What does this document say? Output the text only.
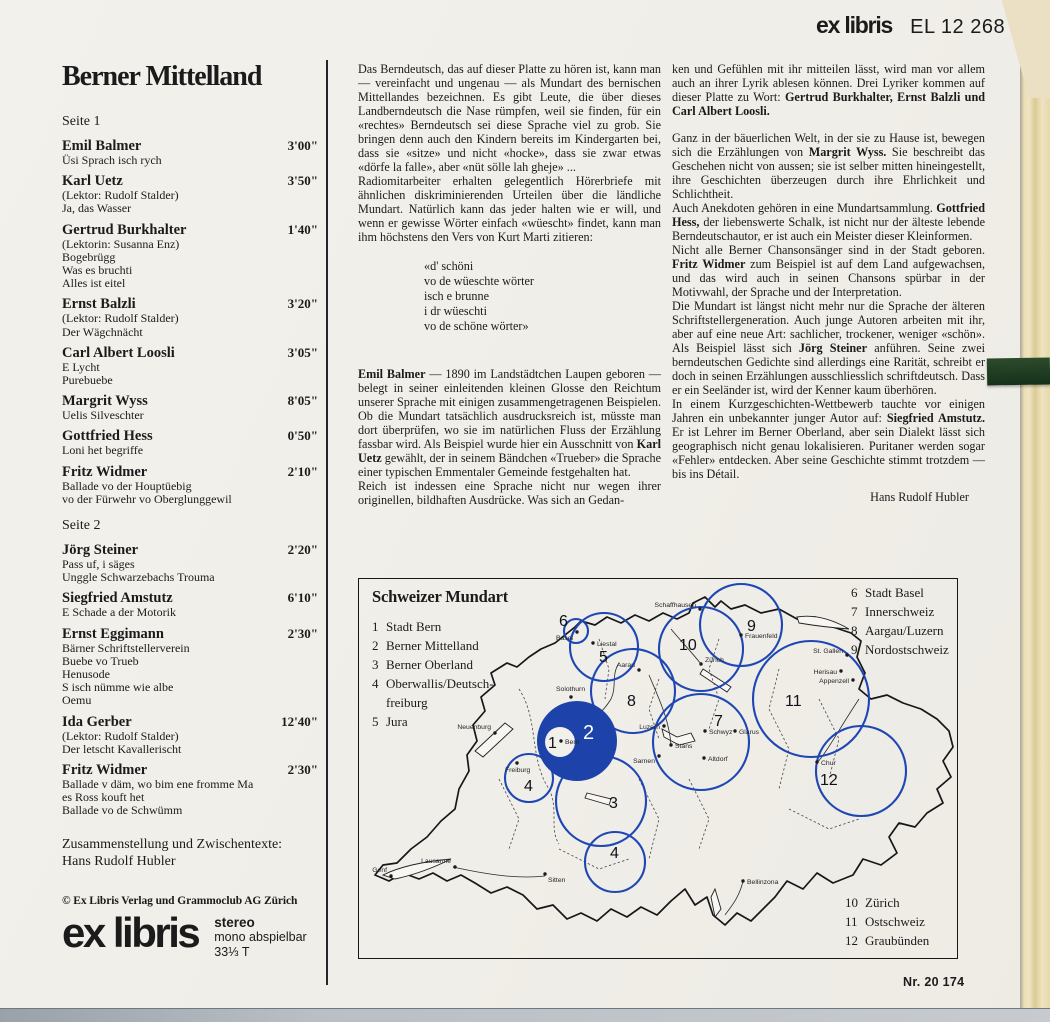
ex libris EL 12 268
Berner Mittelland
Seite 1
Emil Balmer	3'00"
Üsi Sprach isch rych
Karl Uetz	3'50"
(Lektor: Rudolf Stalder)
Ja, das Wasser
Gertrud Burkhalter	1'40"
(Lektorin: Susanna Enz)
Bogebrügg
Was es bruchti
Alles ist eitel
Ernst Balzli	3'20"
(Lektor: Rudolf Stalder)
Der Wägchnächt
Carl Albert Loosli	3'05"
E Lycht
Purebuebe
Margrit Wyss	8'05"
Uelis Silveschter
Gottfried Hess	0'50"
Loni het begriffe
Fritz Widmer	2'10"
Ballade vo der Houptüebig
vo der Fürwehr vo Oberglunggewil
Seite 2
Jörg Steiner	2'20"
Pass uf, i säges
Unggle Schwarzebachs Trouma
Siegfried Amstutz	6'10"
E Schade a der Motorik
Ernst Eggimann	2'30"
Bärner Schriftstellerverein
Buebe vo Trueb
Henusode
S isch nümme wie albe
Oemu
Ida Gerber	12'40"
(Lektor: Rudolf Stalder)
Der letscht Kavallerischt
Fritz Widmer	2'30"
Ballade v däm, wo bim ene fromme Ma
es Ross kouft het
Ballade vo de Schwümm
Zusammenstellung und Zwischentexte:
Hans Rudolf Hubler
© Ex Libris Verlag und Grammoclub AG Zürich
ex libris stereo
mono abspielbar
33⅓ T

Das Berndeutsch, das auf dieser Platte zu hören ist, kann man — vereinfacht und ungenau — als Mundart des bernischen Mittellandes bezeichnen. Es gibt Leute, die über dieses Landberndeutsch die Nase rümpfen, weil sie finden, für ein «rechtes» Berndeutsch sei diese Sprache viel zu grob. Sie bringen denn auch den Kindern bereits im Kindergarten bei, dass sie «sitze» und nicht «hocke», dass sie zwar etwas «dörfe la falle», aber «nüt sölle lah gheje» ...

Radiomitarbeiter erhalten gelegentlich Hörerbriefe mit ähnlichen diskriminierenden Urteilen über die ländliche Mundart. Natürlich kann das jeder halten wie er will, und wenn er gewisse Wörter einfach «wüescht» findet, kann man ihm höchstens den Vers von Kurt Marti zitieren:

«d' schöni
vo de wüeschte wörter
isch e brunne
i dr wüeschti
vo de schöne wörter»

Emil Balmer — 1890 im Landstädtchen Laupen geboren — belegt in seiner einleitenden kleinen Glosse den Reichtum unserer Sprache mit einigen zusammengetragenen Beispielen. Ob die Mundart tatsächlich ausdrucksreich ist, müsste man dort überprüfen, wo sie im natürlichen Fluss der Erzählung fassbar wird. Als Beispiel wurde hier ein Ausschnitt von Karl Uetz gewählt, der in seinem Bändchen «Trueber» die Sprache einer typischen Emmentaler Gemeinde festgehalten hat.

Reich ist indessen eine Sprache nicht nur wegen ihrer originellen, bildhaften Ausdrücke. Was sich an Gedan-

ken und Gefühlen mit ihr mitteilen lässt, wird man vor allem auch an ihrer Lyrik ablesen können. Drei Lyriker kommen auf dieser Platte zu Wort: Gertrud Burkhalter, Ernst Balzli und Carl Albert Loosli.

Ganz in der bäuerlichen Welt, in der sie zu Hause ist, bewegen sich die Erzählungen von Margrit Wyss. Sie beschreibt das Geschehen nicht von aussen; sie ist selber mitten hineingestellt, ihre Geschichten überzeugen durch ihre Ehrlichkeit und Schlichtheit.

Auch Anekdoten gehören in eine Mundartsammlung. Gottfried Hess, der liebenswerte Schalk, ist nicht nur der älteste lebende Berndeutschautor, er ist auch ein Meister dieser Kleinformen.

Nicht alle Berner Chansonsänger sind in der Stadt geboren. Fritz Widmer zum Beispiel ist auf dem Land aufgewachsen, und das wird auch in seinen Chansons spürbar in der Motivwahl, der Sprache und der Interpretation.

Die Mundart ist längst nicht mehr nur die Sprache der älteren Schriftstellergeneration. Auch junge Autoren arbeiten mit ihr, aber auf eine neue Art: sachlicher, trockener, weniger «schön». Als Beispiel lässt sich Jörg Steiner anführen. Seine zwei berndeutschen Gedichte sind allerdings eine Rarität, schreibt er doch in seinen Erzählungen ausschliesslich schriftdeutsch. Dass er ein Seeländer ist, wird der Kenner kaum überhören.

In einem Kurzgeschichten-Wettbewerb tauchte vor einigen Jahren ein unbekannter junger Autor auf: Siegfried Amstutz. Er ist Lehrer im Berner Oberland, aber sein Dialekt lässt sich geographisch nicht genau lokalisieren. Puritaner werden sogar «Fehler» entdecken. Aber seine Geschichte stimmt trotzdem — bis ins Détail.

Hans Rudolf Hubler
1 2
3
4
4
5
6
7
8
9
10
11
12
Basel
Liestal
Schaffhausen
Frauenfeld
Zürich
St. Gallen
Herisau
Appenzell
Solothurn
Aarau
Neuenburg
Bern
Freiburg
Luzern
Stans
Sarnen
Schwyz
Altdorf
Glarus
Chur
Lausanne
Genf
Sitten	Bellinzona
Schweizer Mundart
1 Stadt Bern
2 Berner Mittelland
3 Berner Oberland
4 Oberwallis/Deutsch-freiburg
5 Jura
6 Stadt Basel
7 Innerschweiz
8 Aargau/Luzern
9 Nordostschweiz
10 Zürich
11 Ostschweiz
12 Graubünden
Nr. 20 174
